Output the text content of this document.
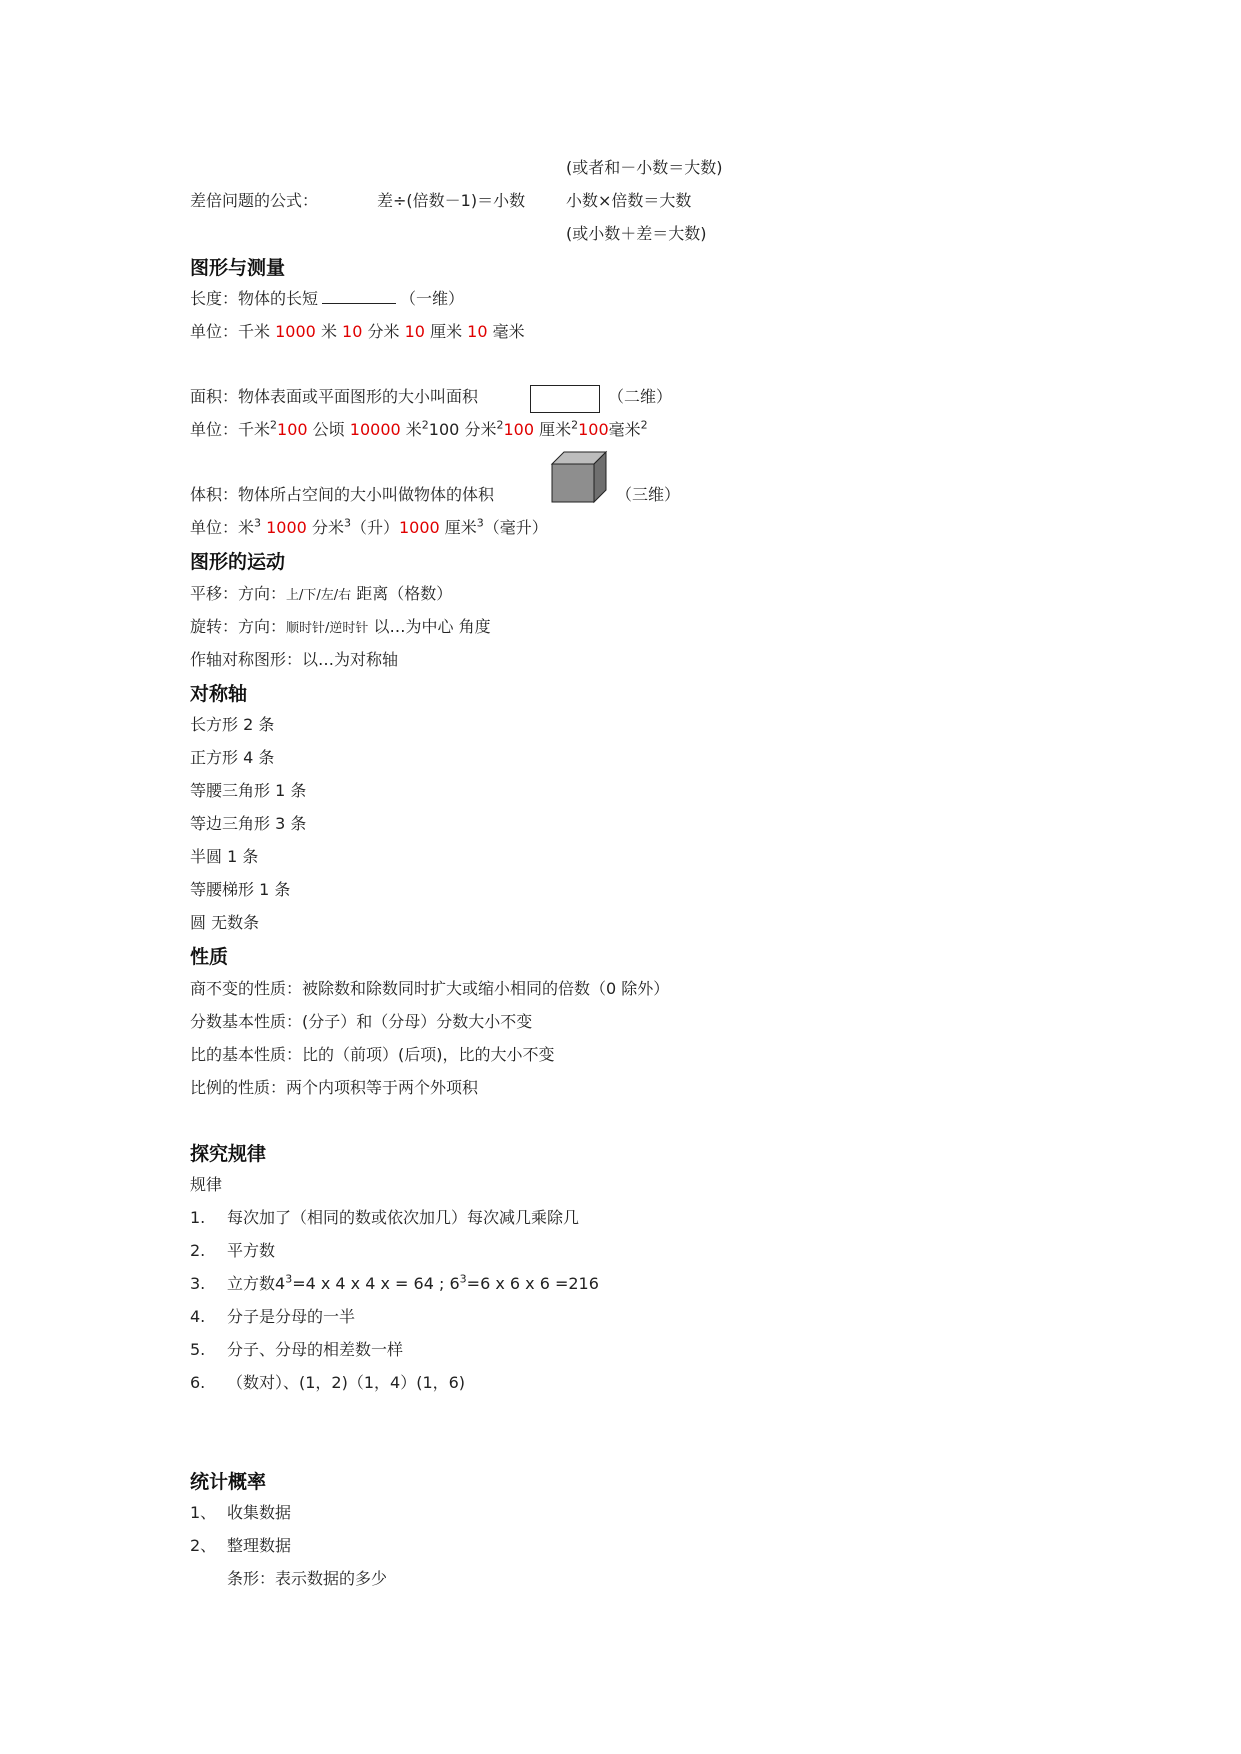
(或者和－小数＝大数)
差倍问题的公式：	差÷(倍数－1)＝小数	小数×倍数＝大数
(或小数＋差＝大数)
图形与测量
长度：物体的长短	（一维）
单位：千米 1000 米 10 分米 10 厘米 10 毫米
面积：物体表面或平面图形的大小叫面积	（二维）
单位：千米$^2$100 公顷 10000 米$^2$100 分米$^2$100 厘米$^2$100毫米$^2$
体积：物体所占空间的大小叫做物体的体积	（三维）
单位：米$^3$ 1000 分米$^3$（升）1000 厘米$^3$（毫升）
图形的运动
平移：方向：上/下/左/右 距离（格数）
旋转：方向：顺时针/逆时针 以…为中心 角度
作轴对称图形：以…为对称轴
对称轴
长方形 2 条
正方形 4 条
等腰三角形 1 条
等边三角形 3 条
半圆 1 条
等腰梯形 1 条
圆 无数条
性质
商不变的性质：被除数和除数同时扩大或缩小相同的倍数（0 除外）
分数基本性质：(分子）和（分母）分数大小不变
比的基本性质：比的（前项）(后项)，比的大小不变
比例的性质：两个内项积等于两个外项积
探究规律
规律
1. 每次加了（相同的数或依次加几）每次减几乘除几
2. 平方数
3. 立方数$4^3=4$ x 4 x 4 x = 64 ; $6^3=6$ x 6 x 6 =216
4. 分子是分母的一半
5. 分子、分母的相差数一样
6. （数对）、(1，2)（1，4）(1，6)
统计概率
1、 收集数据
2、 整理数据
条形：表示数据的多少
